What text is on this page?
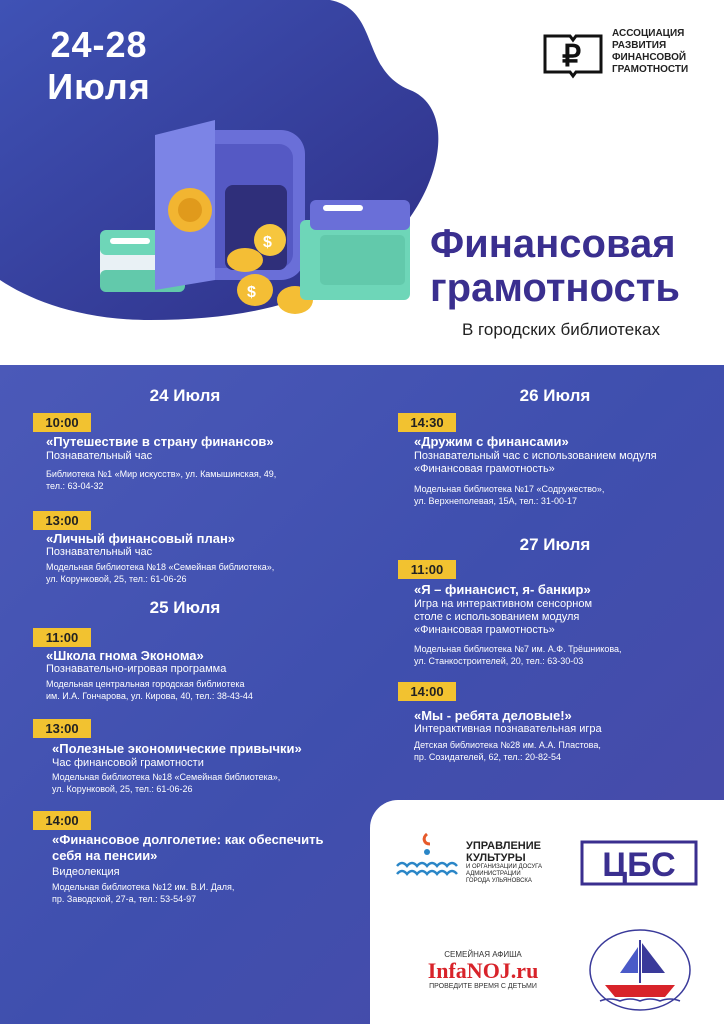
24-28
Июля
$
$
₽
АССОЦИАЦИЯ
РАЗВИТИЯ
ФИНАНСОВОЙ
ГРАМОТНОСТИ
Финансовая
грамотность
В городских библиотеках
24 Июля
10:00
«Путешествие в страну финансов»
Познавательный час
Библиотека №1 «Мир искусств», ул. Камышинская, 49,
тел.: 63-04-32
13:00
«Личный финансовый план»
Познавательный час
Модельная библиотека №18 «Семейная библиотека»,
ул. Корунковой, 25, тел.: 61-06-26
25 Июля
11:00
«Школа гнома Эконома»
Познавательно-игровая программа
Модельная центральная городская библиотека
им. И.А. Гончарова, ул. Кирова, 40, тел.: 38-43-44
13:00
«Полезные экономические привычки»
Час финансовой грамотности
Модельная библиотека №18 «Семейная библиотека»,
ул. Корунковой, 25, тел.: 61-06-26
14:00
«Финансовое долголетие: как обеспечить
себя на пенсии»
Видеолекция
Модельная библиотека №12 им. В.И. Даля,
пр. Заводской, 27-а, тел.: 53-54-97
26 Июля
14:30
«Дружим с финансами»
Познавательный час с использованием модуля
«Финансовая грамотность»
Модельная библиотека №17 «Содружество»,
ул. Верхнеполевая, 15А, тел.: 31-00-17
27 Июля
11:00
«Я – финансист, я- банкир»
Игра на интерактивном сенсорном
столе с использованием модуля
«Финансовая грамотность»
Модельная библиотека №7 им. А.Ф. Трёшникова,
ул. Станкостроителей, 20, тел.: 63-30-03
14:00
«Мы - ребята деловые!»
Интерактивная познавательная игра
Детская библиотека №28 им. А.А. Пластова,
пр. Созидателей, 62, тел.: 20-82-54
УПРАВЛЕНИЕ
КУЛЬТУРЫ
И ОРГАНИЗАЦИИ ДОСУГА
АДМИНИСТРАЦИИ
ГОРОДА УЛЬЯНОВСКА ЦБС
СЕМЕЙНАЯ АФИША
InfaNOJ.ru
ПРОВЕДИТЕ ВРЕМЯ С ДЕТЬМИ
